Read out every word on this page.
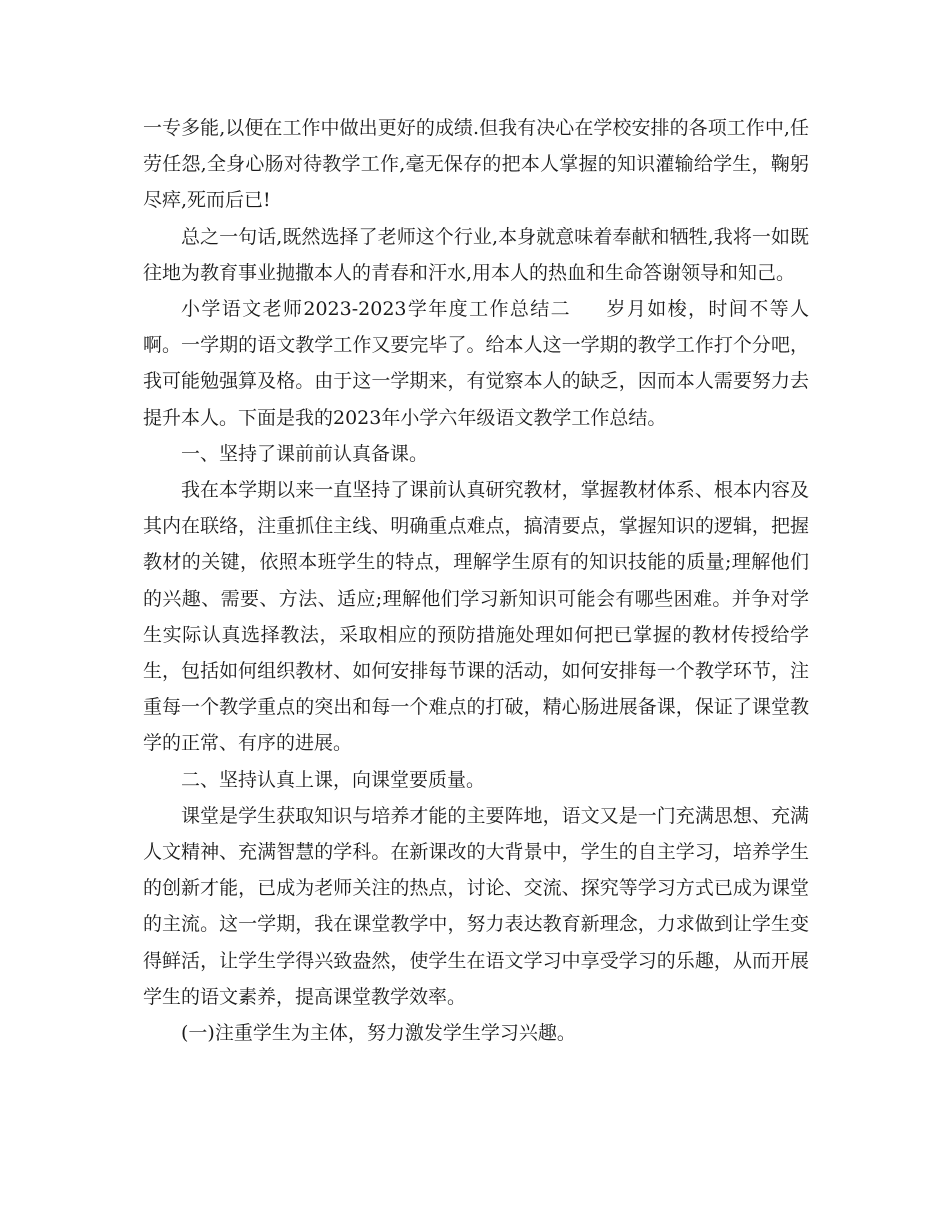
一专多能,以便在工作中做出更好的成绩.但我有决心在学校安排的各项工作中,任劳任怨,全身心肠对待教学工作,毫无保存的把本人掌握的知识灌输给学生，鞠躬尽瘁,死而后已!

总之一句话,既然选择了老师这个行业,本身就意味着奉献和牺牲,我将一如既往地为教育事业抛撒本人的青春和汗水,用本人的热血和生命答谢领导和知己。

小学语文老师2023-2023学年度工作总结二 岁月如梭，时间不等人啊。一学期的语文教学工作又要完毕了。给本人这一学期的教学工作打个分吧，我可能勉强算及格。由于这一学期来，有觉察本人的缺乏，因而本人需要努力去提升本人。下面是我的2023年小学六年级语文教学工作总结。

一、坚持了课前前认真备课。

我在本学期以来一直坚持了课前认真研究教材，掌握教材体系、根本内容及其内在联络，注重抓住主线、明确重点难点，搞清要点，掌握知识的逻辑，把握教材的关键，依照本班学生的特点，理解学生原有的知识技能的质量;理解他们的兴趣、需要、方法、适应;理解他们学习新知识可能会有哪些困难。并争对学生实际认真选择教法，采取相应的预防措施处理如何把已掌握的教材传授给学生，包括如何组织教材、如何安排每节课的活动，如何安排每一个教学环节，注重每一个教学重点的突出和每一个难点的打破，精心肠进展备课，保证了课堂教学的正常、有序的进展。

二、坚持认真上课，向课堂要质量。

课堂是学生获取知识与培养才能的主要阵地，语文又是一门充满思想、充满人文精神、充满智慧的学科。在新课改的大背景中，学生的自主学习，培养学生的创新才能，已成为老师关注的热点，讨论、交流、探究等学习方式已成为课堂的主流。这一学期，我在课堂教学中，努力表达教育新理念，力求做到让学生变得鲜活，让学生学得兴致盎然，使学生在语文学习中享受学习的乐趣，从而开展学生的语文素养，提高课堂教学效率。

(一)注重学生为主体，努力激发学生学习兴趣。
